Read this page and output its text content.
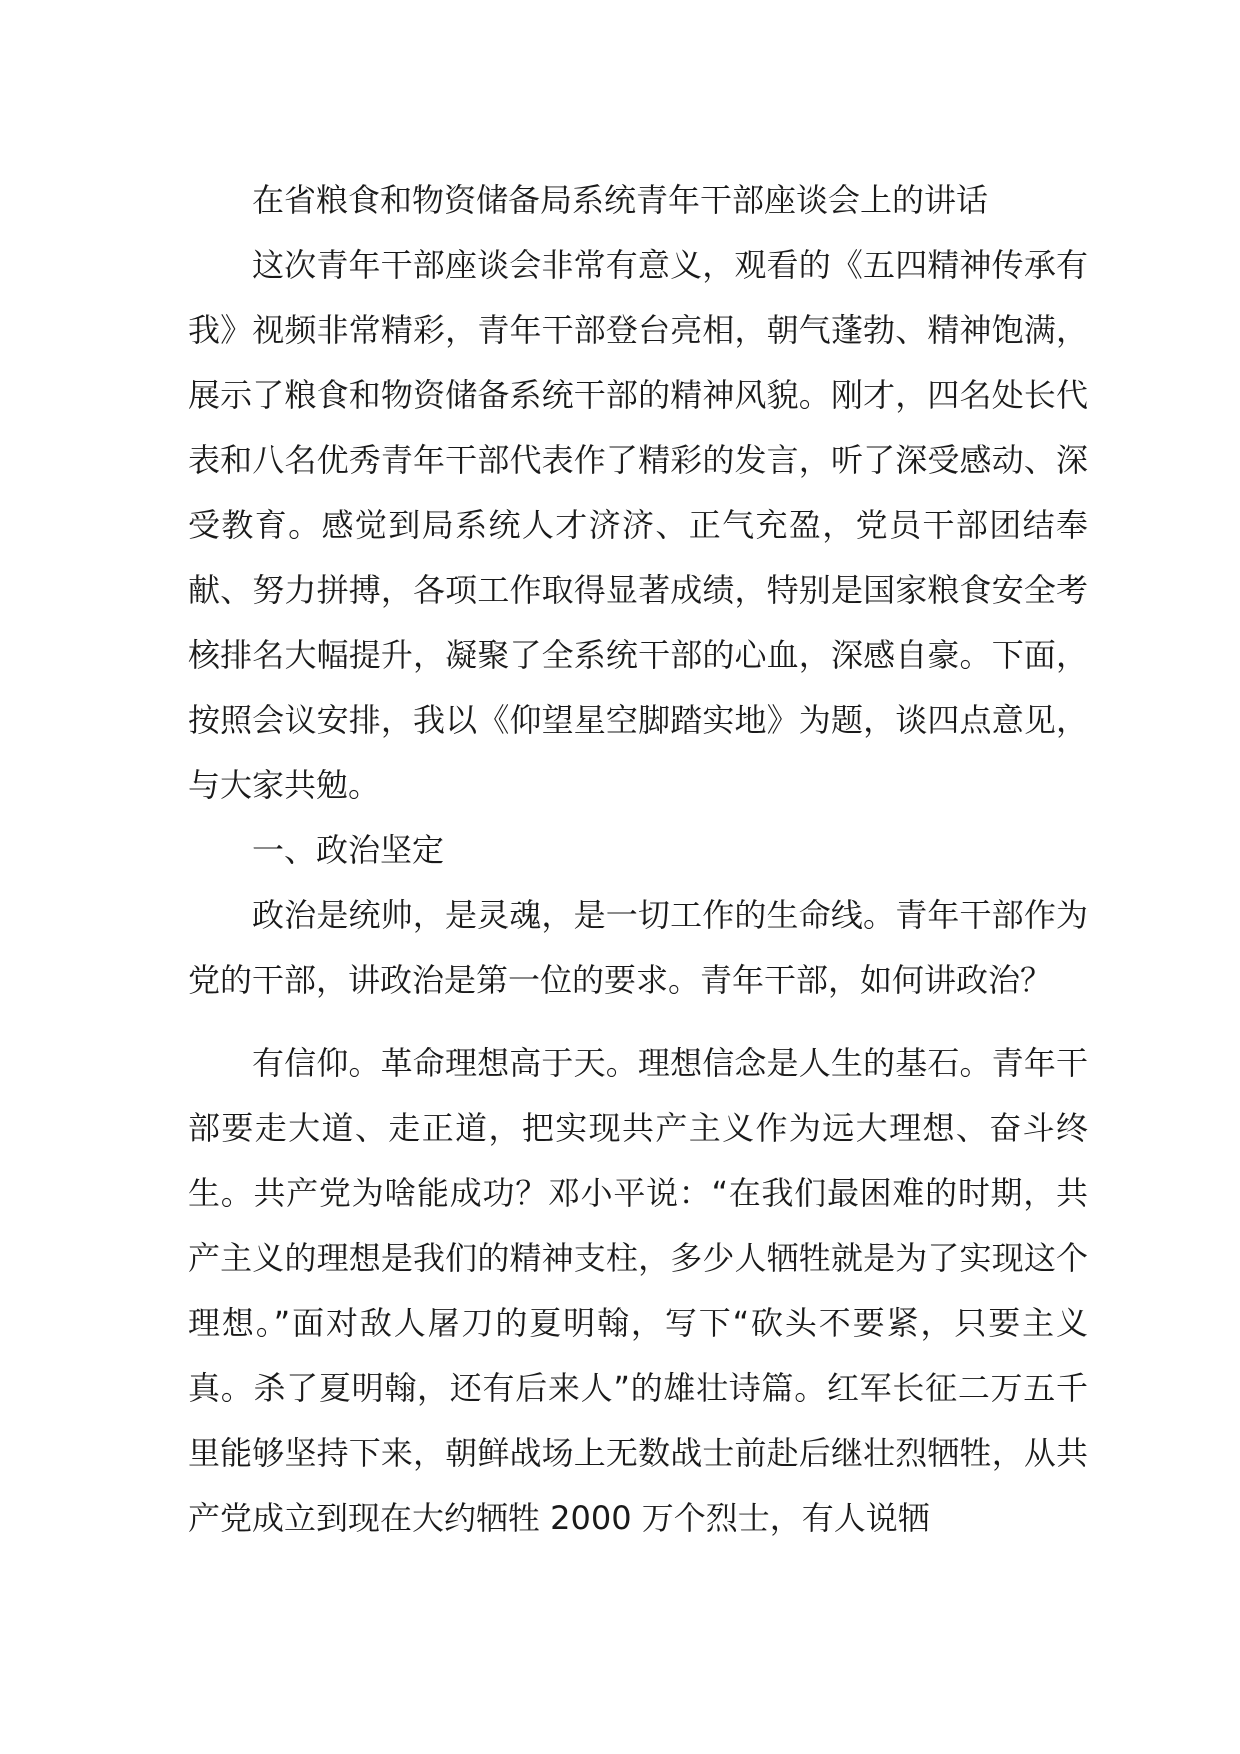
在省粮食和物资储备局系统青年干部座谈会上的讲话

这次青年干部座谈会非常有意义，观看的《五四精神传承有我》视频非常精彩，青年干部登台亮相，朝气蓬勃、精神饱满，展示了粮食和物资储备系统干部的精神风貌。刚才，四名处长代表和八名优秀青年干部代表作了精彩的发言，听了深受感动、深受教育。感觉到局系统人才济济、正气充盈，党员干部团结奉献、努力拼搏，各项工作取得显著成绩，特别是国家粮食安全考核排名大幅提升，凝聚了全系统干部的心血，深感自豪。下面，按照会议安排，我以《仰望星空脚踏实地》为题，谈四点意见，与大家共勉。

一、政治坚定

政治是统帅，是灵魂，是一切工作的生命线。青年干部作为党的干部，讲政治是第一位的要求。青年干部，如何讲政治？

有信仰。革命理想高于天。理想信念是人生的基石。青年干部要走大道、走正道，把实现共产主义作为远大理想、奋斗终生。共产党为啥能成功？邓小平说：“在我们最困难的时期，共产主义的理想是我们的精神支柱，多少人牺牲就是为了实现这个理想。”面对敌人屠刀的夏明翰，写下“砍头不要紧，只要主义真。杀了夏明翰，还有后来人”的雄壮诗篇。红军长征二万五千里能够坚持下来，朝鲜战场上无数战士前赴后继壮烈牺牲，从共产党成立到现在大约牺牲 2000 万个烈士，有人说牺
